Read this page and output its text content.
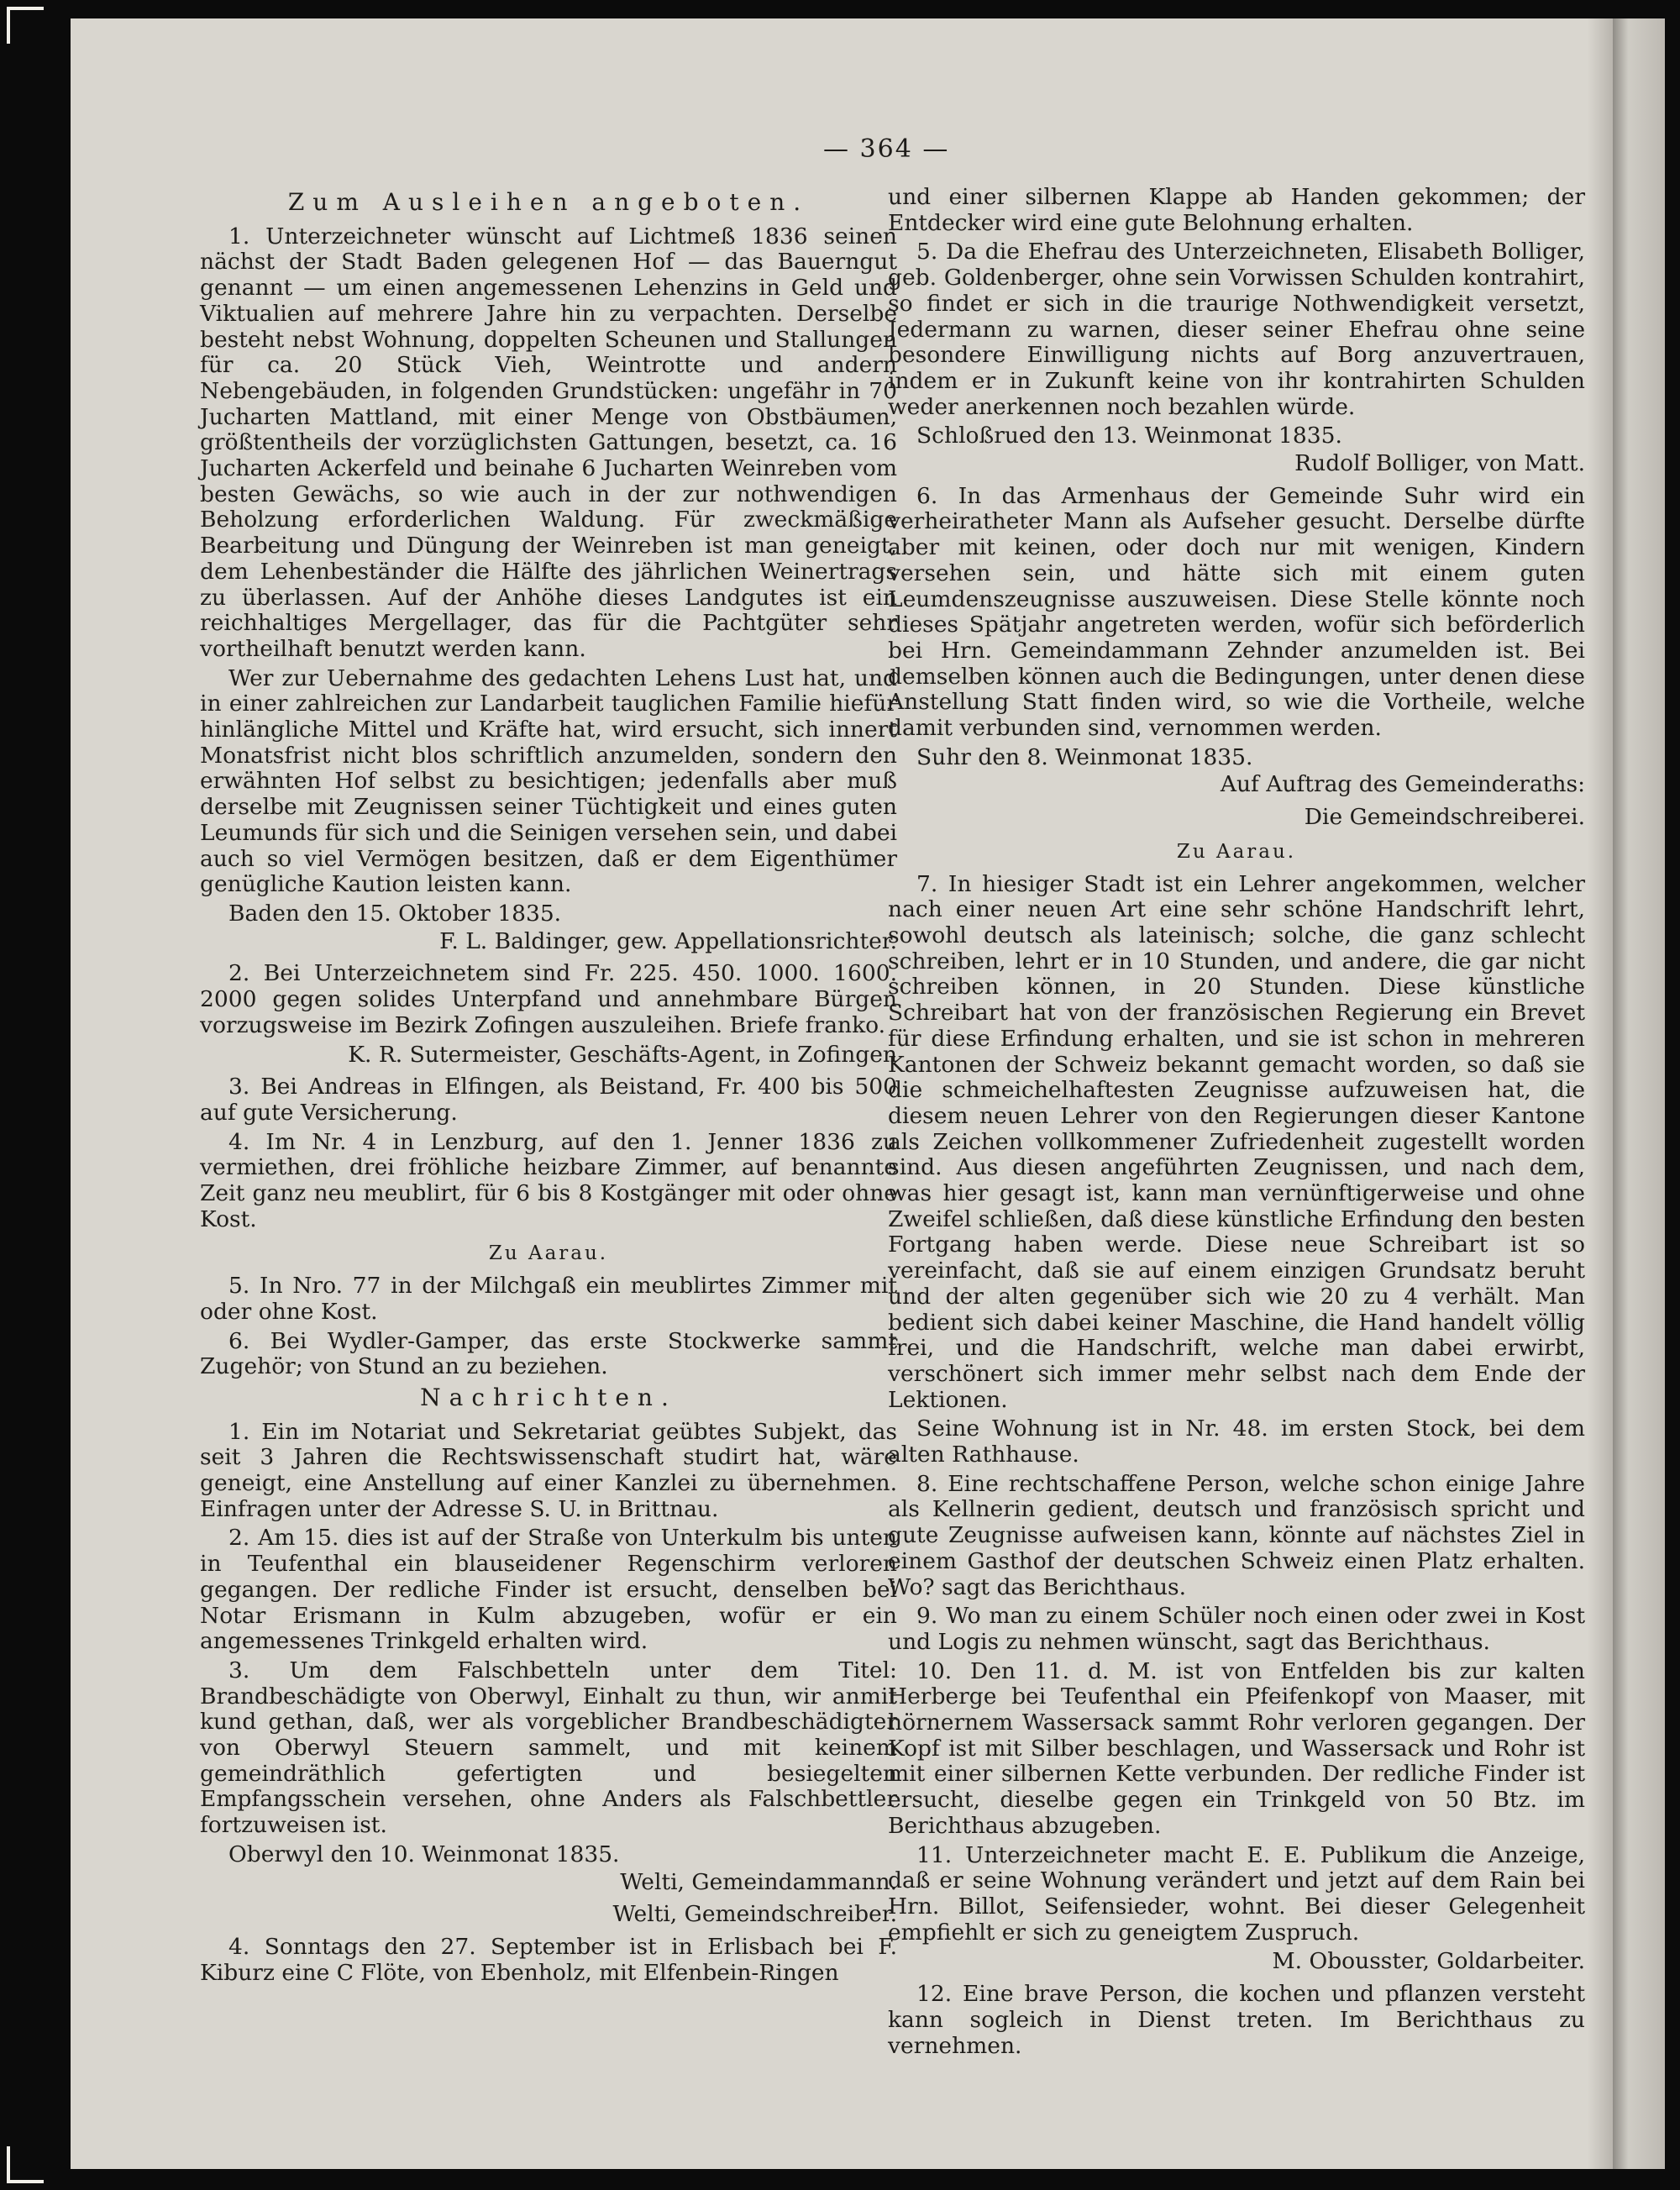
— 364 —
Zum Ausleihen angeboten.

1. Unterzeichneter wünscht auf Lichtmeß 1836 seinen nächst der Stadt Baden gelegenen Hof — das Bauerngut genannt — um einen angemessenen Lehenzins in Geld und Viktualien auf mehrere Jahre hin zu verpachten. Derselbe besteht nebst Wohnung, doppelten Scheunen und Stallungen für ca. 20 Stück Vieh, Weintrotte und andern Nebengebäuden, in folgenden Grundstücken: ungefähr in 70 Jucharten Mattland, mit einer Menge von Obstbäumen, größtentheils der vorzüglichsten Gattungen, besetzt, ca. 16 Jucharten Ackerfeld und beinahe 6 Jucharten Weinreben vom besten Gewächs, so wie auch in der zur nothwendigen Beholzung erforderlichen Waldung. Für zweckmäßige Bearbeitung und Düngung der Weinreben ist man geneigt, dem Lehenbeständer die Hälfte des jährlichen Weinertrags zu überlassen. Auf der Anhöhe dieses Landgutes ist ein reichhaltiges Mergellager, das für die Pachtgüter sehr vortheilhaft benutzt werden kann.

Wer zur Uebernahme des gedachten Lehens Lust hat, und in einer zahlreichen zur Landarbeit tauglichen Familie hiefür hinlängliche Mittel und Kräfte hat, wird ersucht, sich innert Monatsfrist nicht blos schriftlich anzumelden, sondern den erwähnten Hof selbst zu besichtigen; jedenfalls aber muß derselbe mit Zeugnissen seiner Tüchtigkeit und eines guten Leumunds für sich und die Seinigen versehen sein, und dabei auch so viel Vermögen besitzen, daß er dem Eigenthümer genügliche Kaution leisten kann.

Baden den 15. Oktober 1835.

F. L. Baldinger, gew. Appellationsrichter.

2. Bei Unterzeichnetem sind Fr. 225. 450. 1000. 1600. 2000 gegen solides Unterpfand und annehmbare Bürgen vorzugsweise im Bezirk Zofingen auszuleihen. Briefe franko.

K. R. Sutermeister, Geschäfts-Agent, in Zofingen

3. Bei Andreas in Elfingen, als Beistand, Fr. 400 bis 500 auf gute Versicherung.

4. Im Nr. 4 in Lenzburg, auf den 1. Jenner 1836 zu vermiethen, drei fröhliche heizbare Zimmer, auf benannte Zeit ganz neu meublirt, für 6 bis 8 Kostgänger mit oder ohne Kost.

Zu Aarau.

5. In Nro. 77 in der Milchgaß ein meublirtes Zimmer mit oder ohne Kost.

6. Bei Wydler-Gamper, das erste Stockwerke sammt Zugehör; von Stund an zu beziehen.

Nachrichten.

1. Ein im Notariat und Sekretariat geübtes Subjekt, das seit 3 Jahren die Rechtswissenschaft studirt hat, wäre geneigt, eine Anstellung auf einer Kanzlei zu übernehmen. Einfragen unter der Adresse S. U. in Brittnau.

2. Am 15. dies ist auf der Straße von Unterkulm bis unten in Teufenthal ein blauseidener Regenschirm verloren gegangen. Der redliche Finder ist ersucht, denselben bei Notar Erismann in Kulm abzugeben, wofür er ein angemessenes Trinkgeld erhalten wird.

3. Um dem Falschbetteln unter dem Titel: Brandbeschädigte von Oberwyl, Einhalt zu thun, wir anmit kund gethan, daß, wer als vorgeblicher Brandbeschädigter von Oberwyl Steuern sammelt, und mit keinem gemeindräthlich gefertigten und besiegelten Empfangsschein versehen, ohne Anders als Falschbettler fortzuweisen ist.

Oberwyl den 10. Weinmonat 1835.

Welti, Gemeindammann.

Welti, Gemeindschreiber.

4. Sonntags den 27. September ist in Erlisbach bei F. Kiburz eine C Flöte, von Ebenholz, mit Elfenbein-Ringen

und einer silbernen Klappe ab Handen gekommen; der Entdecker wird eine gute Belohnung erhalten.

5. Da die Ehefrau des Unterzeichneten, Elisabeth Bolliger, geb. Goldenberger, ohne sein Vorwissen Schulden kontrahirt, so findet er sich in die traurige Nothwendigkeit versetzt, Jedermann zu warnen, dieser seiner Ehefrau ohne seine besondere Einwilligung nichts auf Borg anzuvertrauen, indem er in Zukunft keine von ihr kontrahirten Schulden weder anerkennen noch bezahlen würde.

Schloßrued den 13. Weinmonat 1835.

Rudolf Bolliger, von Matt.

6. In das Armenhaus der Gemeinde Suhr wird ein verheiratheter Mann als Aufseher gesucht. Derselbe dürfte aber mit keinen, oder doch nur mit wenigen, Kindern versehen sein, und hätte sich mit einem guten Leumdenszeugnisse auszuweisen. Diese Stelle könnte noch dieses Spätjahr angetreten werden, wofür sich beförderlich bei Hrn. Gemeindammann Zehnder anzumelden ist. Bei demselben können auch die Bedingungen, unter denen diese Anstellung Statt finden wird, so wie die Vortheile, welche damit verbunden sind, vernommen werden.

Suhr den 8. Weinmonat 1835.

Auf Auftrag des Gemeinderaths:

Die Gemeindschreiberei.

Zu Aarau.

7. In hiesiger Stadt ist ein Lehrer angekommen, welcher nach einer neuen Art eine sehr schöne Handschrift lehrt, sowohl deutsch als lateinisch; solche, die ganz schlecht schreiben, lehrt er in 10 Stunden, und andere, die gar nicht schreiben können, in 20 Stunden. Diese künstliche Schreibart hat von der französischen Regierung ein Brevet für diese Erfindung erhalten, und sie ist schon in mehreren Kantonen der Schweiz bekannt gemacht worden, so daß sie die schmeichelhaftesten Zeugnisse aufzuweisen hat, die diesem neuen Lehrer von den Regierungen dieser Kantone als Zeichen vollkommener Zufriedenheit zugestellt worden sind. Aus diesen angeführten Zeugnissen, und nach dem, was hier gesagt ist, kann man vernünftigerweise und ohne Zweifel schließen, daß diese künstliche Erfindung den besten Fortgang haben werde. Diese neue Schreibart ist so vereinfacht, daß sie auf einem einzigen Grundsatz beruht und der alten gegenüber sich wie 20 zu 4 verhält. Man bedient sich dabei keiner Maschine, die Hand handelt völlig frei, und die Handschrift, welche man dabei erwirbt, verschönert sich immer mehr selbst nach dem Ende der Lektionen.

Seine Wohnung ist in Nr. 48. im ersten Stock, bei dem alten Rathhause.

8. Eine rechtschaffene Person, welche schon einige Jahre als Kellnerin gedient, deutsch und französisch spricht und gute Zeugnisse aufweisen kann, könnte auf nächstes Ziel in einem Gasthof der deutschen Schweiz einen Platz erhalten. Wo? sagt das Berichthaus.

9. Wo man zu einem Schüler noch einen oder zwei in Kost und Logis zu nehmen wünscht, sagt das Berichthaus.

10. Den 11. d. M. ist von Entfelden bis zur kalten Herberge bei Teufenthal ein Pfeifenkopf von Maaser, mit hörnernem Wassersack sammt Rohr verloren gegangen. Der Kopf ist mit Silber beschlagen, und Wassersack und Rohr ist mit einer silbernen Kette verbunden. Der redliche Finder ist ersucht, dieselbe gegen ein Trinkgeld von 50 Btz. im Berichthaus abzugeben.

11. Unterzeichneter macht E. E. Publikum die Anzeige, daß er seine Wohnung verändert und jetzt auf dem Rain bei Hrn. Billot, Seifensieder, wohnt. Bei dieser Gelegenheit empfiehlt er sich zu geneigtem Zuspruch.

M. Obousster, Goldarbeiter.

12. Eine brave Person, die kochen und pflanzen versteht kann sogleich in Dienst treten. Im Berichthaus zu vernehmen.
